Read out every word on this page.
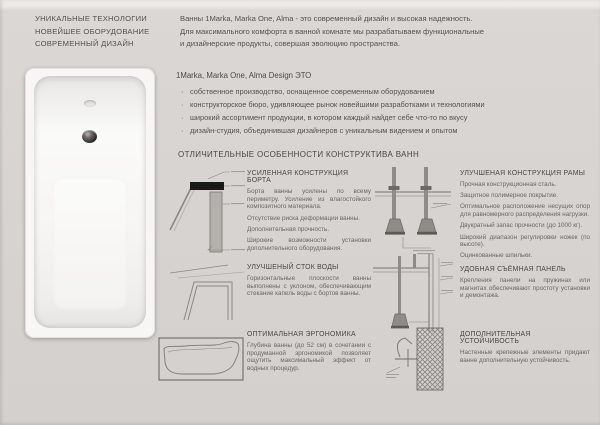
УНИКАЛЬНЫЕ ТЕХНОЛОГИИ
НОВЕЙШЕЕ ОБОРУДОВАНИЕ
СОВРЕМЕННЫЙ ДИЗАЙН
Ванны 1Marka, Marka One, Alma - это современный дизайн и высокая надежность.
Для максимального комфорта в ванной комнате мы разрабатываем функциональные
и дизайнерские продукты, совершая эволюцию пространства.
1Marka, Marka One, Alma Design ЭТО
· собственное производство, оснащенное современным оборудованием
· конструкторское бюро, удивляющее рынок новейшими разработками и технологиями
· широкий ассортимент продукции, в котором каждый найдет себе что-то по вкусу
· дизайн-студия, объединившая дизайнеров с уникальным видением и опытом
ОТЛИЧИТЕЛЬНЫЕ ОСОБЕННОСТИ КОНСТРУКТИВА ВАНН
УСИЛЕННАЯ КОНСТРУКЦИЯ БОРТА

Борта ванны усилены по всему периметру. Усиление из влагостойкого композитного материала.

Отсутствие риска деформации ванны.

Дополнительная прочность.

Широкие возможности установки дополнительного оборудования.

УЛУЧШЕНЫЙ СТОК ВОДЫ

Горизонтальные плоскости ванны выполнены с уклоном, обеспечивающим стекание капель воды с бортов ванны.

ОПТИМАЛЬНАЯ ЭРГОНОМИКА

Глубина ванны (до 52 см) в сочетании с продуманной эргономикой позволяет ощутить максимальный эффект от водных процедур.

УЛУЧШЕНАЯ КОНСТРУКЦИЯ РАМЫ

Прочная конструкционная сталь.

Защитное полимерное покрытие.

Оптимальное расположение несущих опор для равномерного распределения нагрузки.

Двукратный запас прочности (до 1000 кг).

Широкий диапазон регулировки ножек (по высоте).

Оцинкованные шпильки.

УДОБНАЯ СЪЁМНАЯ ПАНЕЛЬ

Крепления панели на пружинах или магнитах обеспечивают простоту установки и демонтажа.

ДОПОЛНИТЕЛЬНАЯ УСТОЙЧИВОСТЬ

Настенные крепежные элементы придают ванне дополнительную устойчивость.
